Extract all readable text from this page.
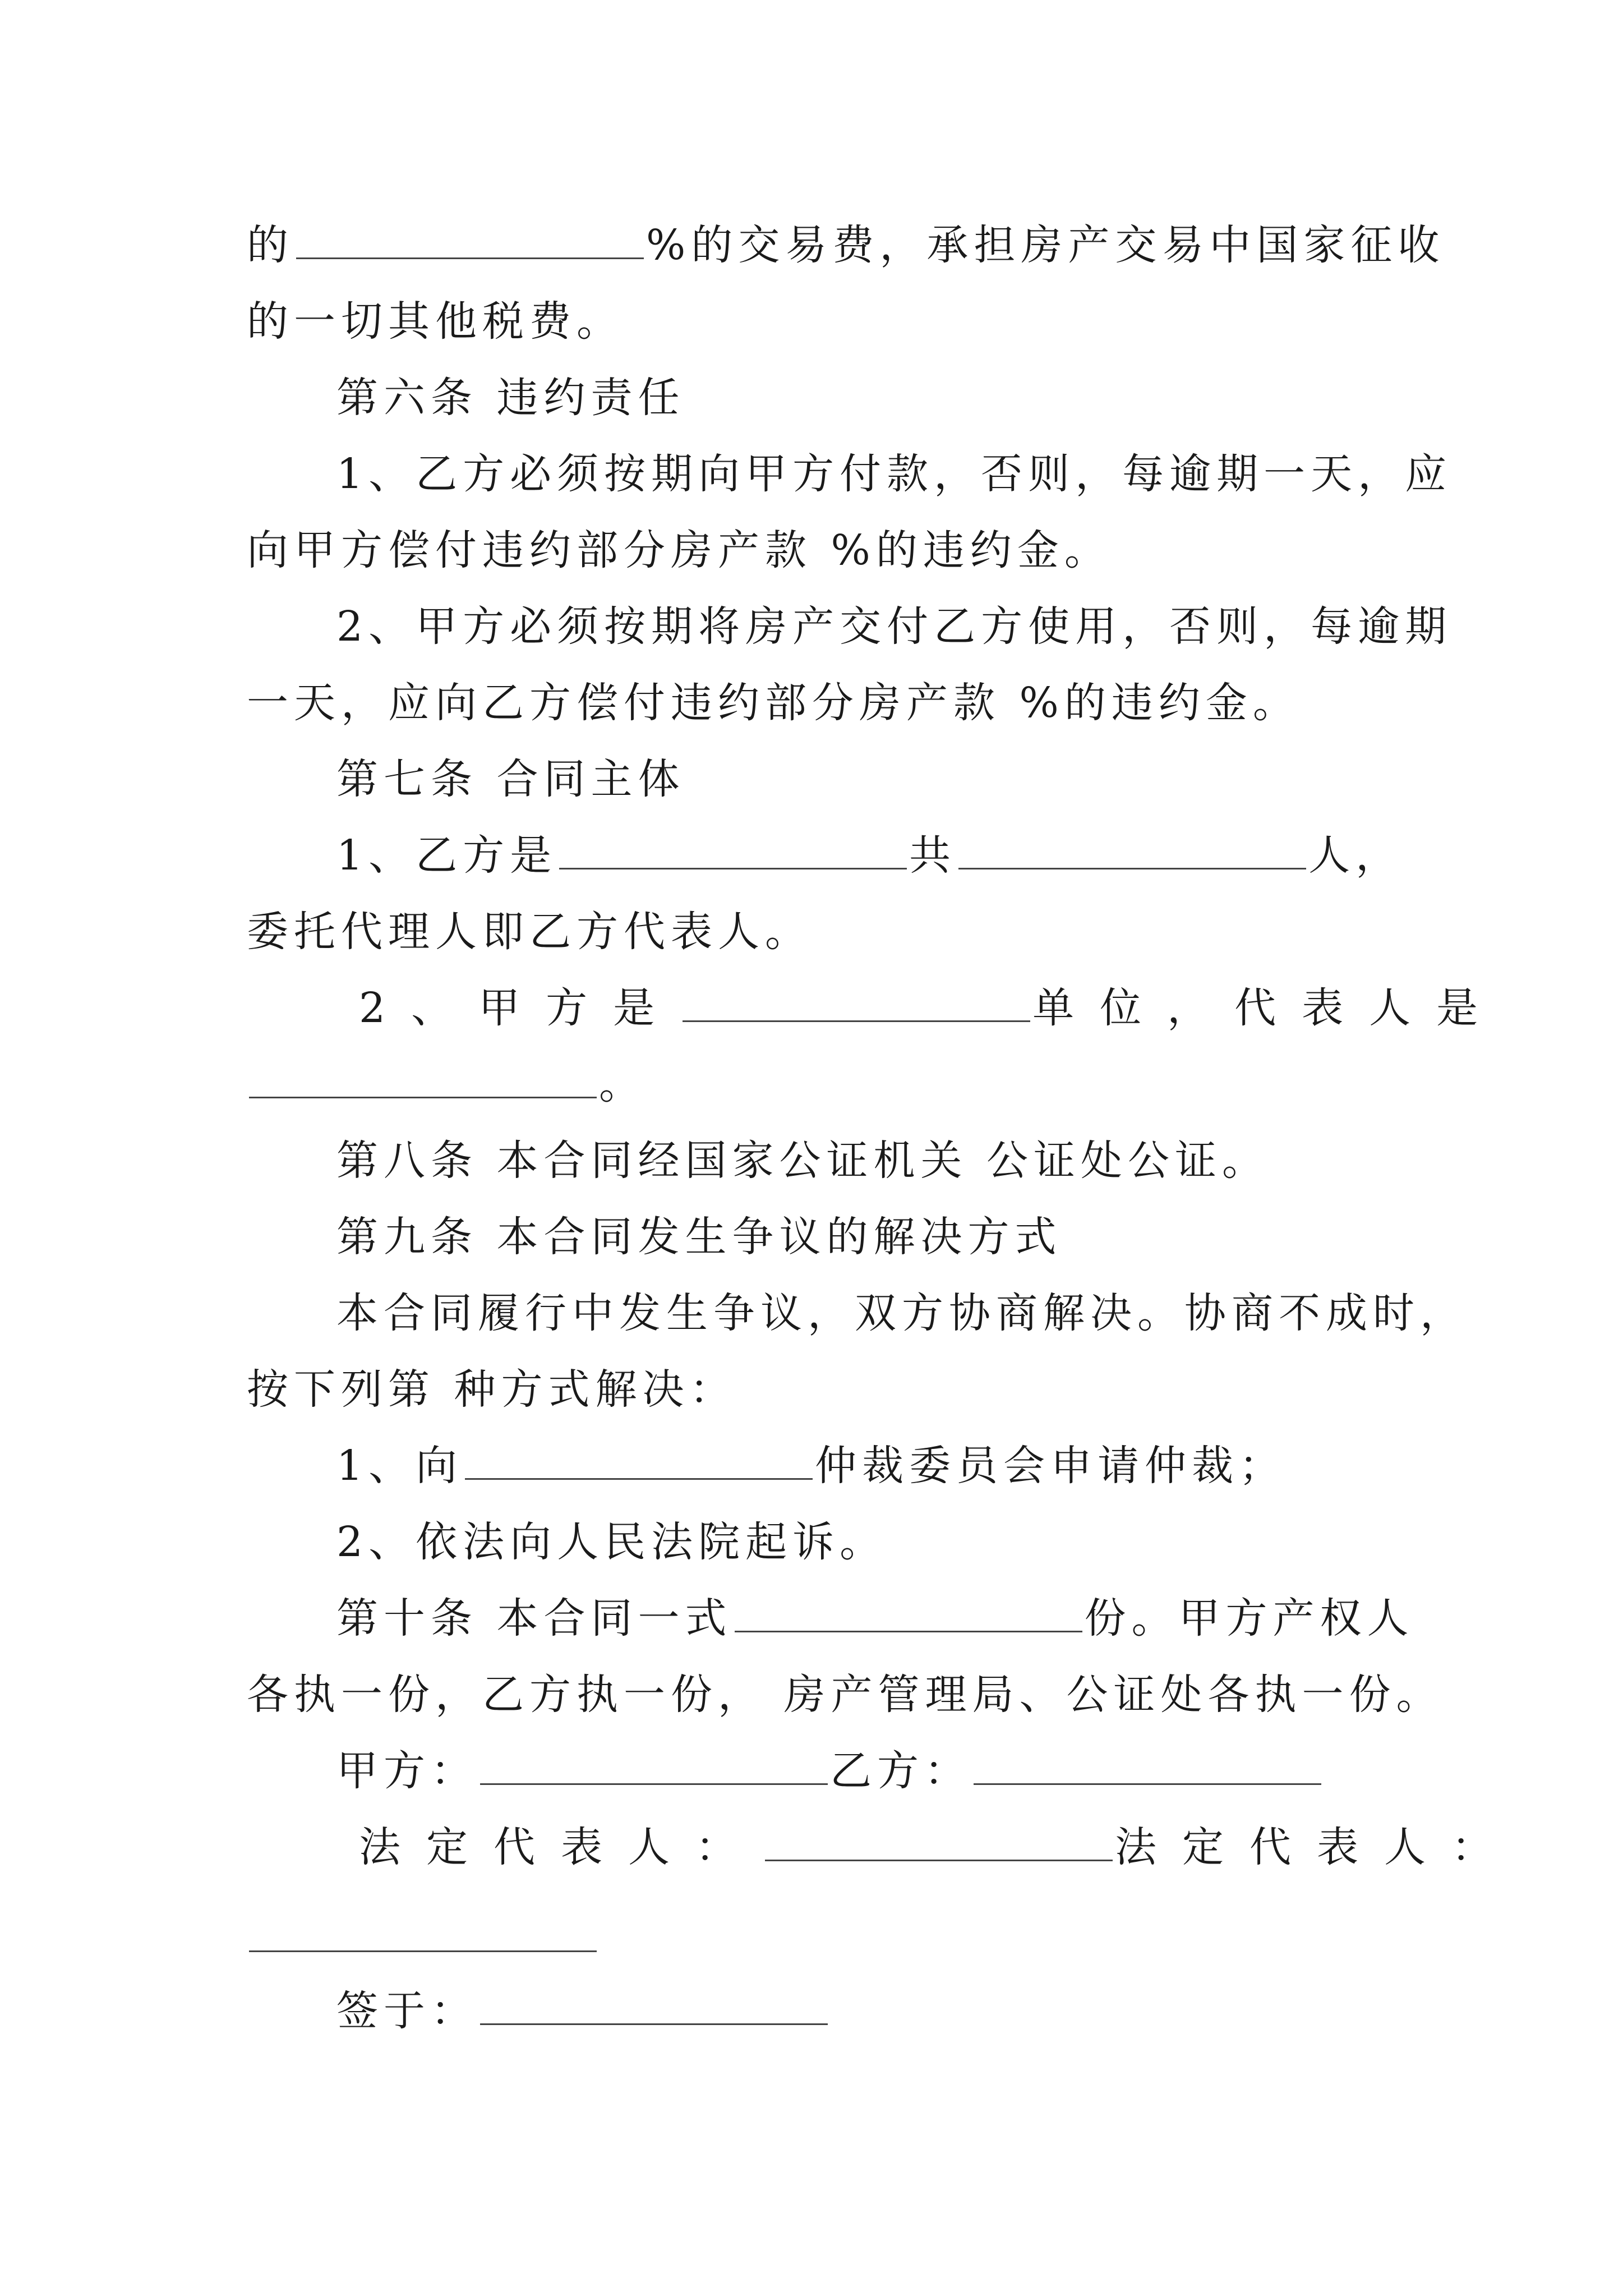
的	%的交易费，承担房产交易中国家征收
的一切其他税费。
第六条 违约责任
1、乙方必须按期向甲方付款，否则，每逾期一天，应
向甲方偿付违约部分房产款 %的违约金。
2、甲方必须按期将房产交付乙方使用，否则，每逾期
一天，应向乙方偿付违约部分房产款 %的违约金。
第七条 合同主体
1、乙方是	共	人，
委托代理人即乙方代表人。
2、甲方是	单位，代表人是
。
第八条 本合同经国家公证机关 公证处公证。
第九条 本合同发生争议的解决方式
本合同履行中发生争议，双方协商解决。协商不成时，
按下列第 种方式解决：
1、向	仲裁委员会申请仲裁；
2、依法向人民法院起诉。
第十条 本合同一式	份。甲方产权人
各执一份，乙方执一份， 房产管理局、公证处各执一份。
甲方：	乙方：
法定代表人：	法定代表人：
签于：
